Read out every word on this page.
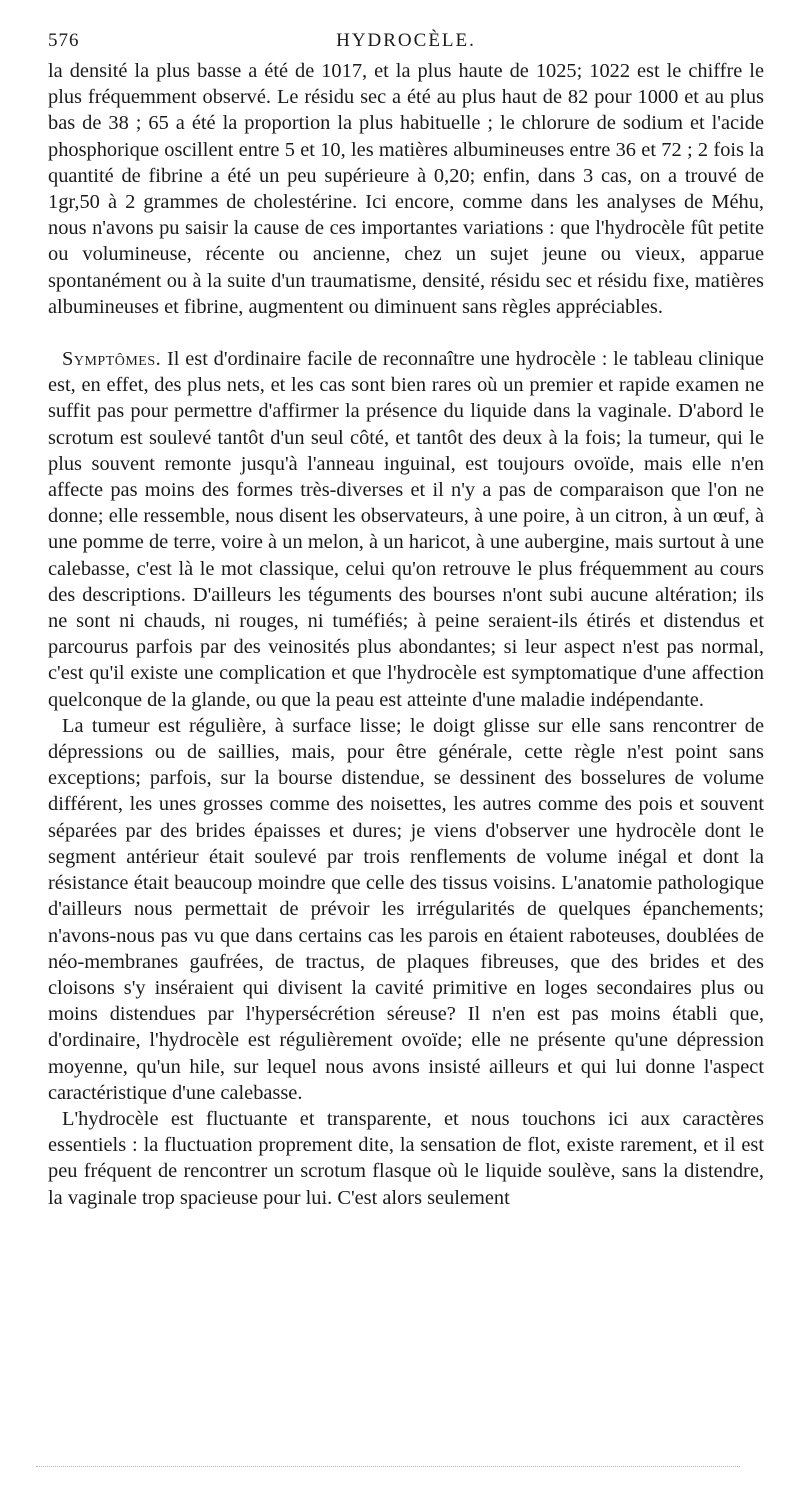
576	HYDROCÈLE.

la densité la plus basse a été de 1017, et la plus haute de 1025; 1022 est le chiffre le plus fréquemment observé. Le résidu sec a été au plus haut de 82 pour 1000 et au plus bas de 38 ; 65 a été la proportion la plus habituelle ; le chlorure de sodium et l'acide phosphorique oscillent entre 5 et 10, les matières albumineuses entre 36 et 72 ; 2 fois la quantité de fibrine a été un peu supérieure à 0,20; enfin, dans 3 cas, on a trouvé de 1gr,50 à 2 grammes de cholestérine. Ici encore, comme dans les analyses de Méhu, nous n'avons pu saisir la cause de ces importantes variations : que l'hydrocèle fût petite ou volumineuse, récente ou ancienne, chez un sujet jeune ou vieux, apparue spontanément ou à la suite d'un traumatisme, densité, résidu sec et résidu fixe, matières albumineuses et fibrine, augmentent ou diminuent sans règles appréciables.

Symptômes. Il est d'ordinaire facile de reconnaître une hydrocèle : le tableau clinique est, en effet, des plus nets, et les cas sont bien rares où un premier et rapide examen ne suffit pas pour permettre d'affirmer la présence du liquide dans la vaginale. D'abord le scrotum est soulevé tantôt d'un seul côté, et tantôt des deux à la fois; la tumeur, qui le plus souvent remonte jusqu'à l'anneau inguinal, est toujours ovoïde, mais elle n'en affecte pas moins des formes très-diverses et il n'y a pas de comparaison que l'on ne donne; elle ressemble, nous disent les observateurs, à une poire, à un citron, à un œuf, à une pomme de terre, voire à un melon, à un haricot, à une aubergine, mais surtout à une calebasse, c'est là le mot classique, celui qu'on retrouve le plus fréquemment au cours des descriptions. D'ailleurs les téguments des bourses n'ont subi aucune altération; ils ne sont ni chauds, ni rouges, ni tuméfiés; à peine seraient-ils étirés et distendus et parcourus parfois par des veinosités plus abondantes; si leur aspect n'est pas normal, c'est qu'il existe une complication et que l'hydrocèle est symptomatique d'une affection quelconque de la glande, ou que la peau est atteinte d'une maladie indépendante.

La tumeur est régulière, à surface lisse; le doigt glisse sur elle sans rencontrer de dépressions ou de saillies, mais, pour être générale, cette règle n'est point sans exceptions; parfois, sur la bourse distendue, se dessinent des bosselures de volume différent, les unes grosses comme des noisettes, les autres comme des pois et souvent séparées par des brides épaisses et dures; je viens d'observer une hydrocèle dont le segment antérieur était soulevé par trois renflements de volume inégal et dont la résistance était beaucoup moindre que celle des tissus voisins. L'anatomie pathologique d'ailleurs nous permettait de prévoir les irrégularités de quelques épanchements; n'avons-nous pas vu que dans certains cas les parois en étaient raboteuses, doublées de néo-membranes gaufrées, de tractus, de plaques fibreuses, que des brides et des cloisons s'y inséraient qui divisent la cavité primitive en loges secondaires plus ou moins distendues par l'hypersécrétion séreuse? Il n'en est pas moins établi que, d'ordinaire, l'hydrocèle est régulièrement ovoïde; elle ne présente qu'une dépression moyenne, qu'un hile, sur lequel nous avons insisté ailleurs et qui lui donne l'aspect caractéristique d'une calebasse.

L'hydrocèle est fluctuante et transparente, et nous touchons ici aux caractères essentiels : la fluctuation proprement dite, la sensation de flot, existe rarement, et il est peu fréquent de rencontrer un scrotum flasque où le liquide soulève, sans la distendre, la vaginale trop spacieuse pour lui. C'est alors seulement
